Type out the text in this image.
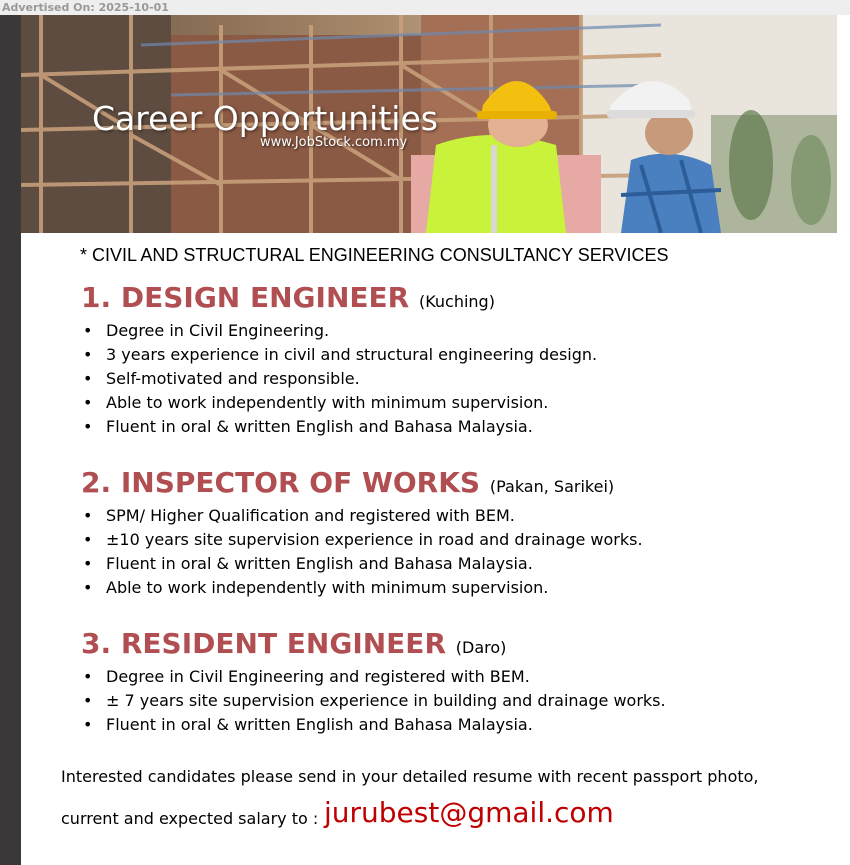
Advertised On: 2025-10-01
Career Opportunities
www.JobStock.com.my
* CIVIL AND STRUCTURAL ENGINEERING CONSULTANCY SERVICES
1. DESIGN ENGINEER (Kuching)
• Degree in Civil Engineering.
• 3 years experience in civil and structural engineering design.
• Self-motivated and responsible.
• Able to work independently with minimum supervision.
• Fluent in oral & written English and Bahasa Malaysia.
2. INSPECTOR OF WORKS (Pakan, Sarikei)
• SPM/ Higher Qualification and registered with BEM.
• ±10 years site supervision experience in road and drainage works.
• Fluent in oral & written English and Bahasa Malaysia.
• Able to work independently with minimum supervision.
3. RESIDENT ENGINEER (Daro)
• Degree in Civil Engineering and registered with BEM.
• ± 7 years site supervision experience in building and drainage works.
• Fluent in oral & written English and Bahasa Malaysia.
Interested candidates please send in your detailed resume with recent passport photo,
current and expected salary to : jurubest@gmail.com
